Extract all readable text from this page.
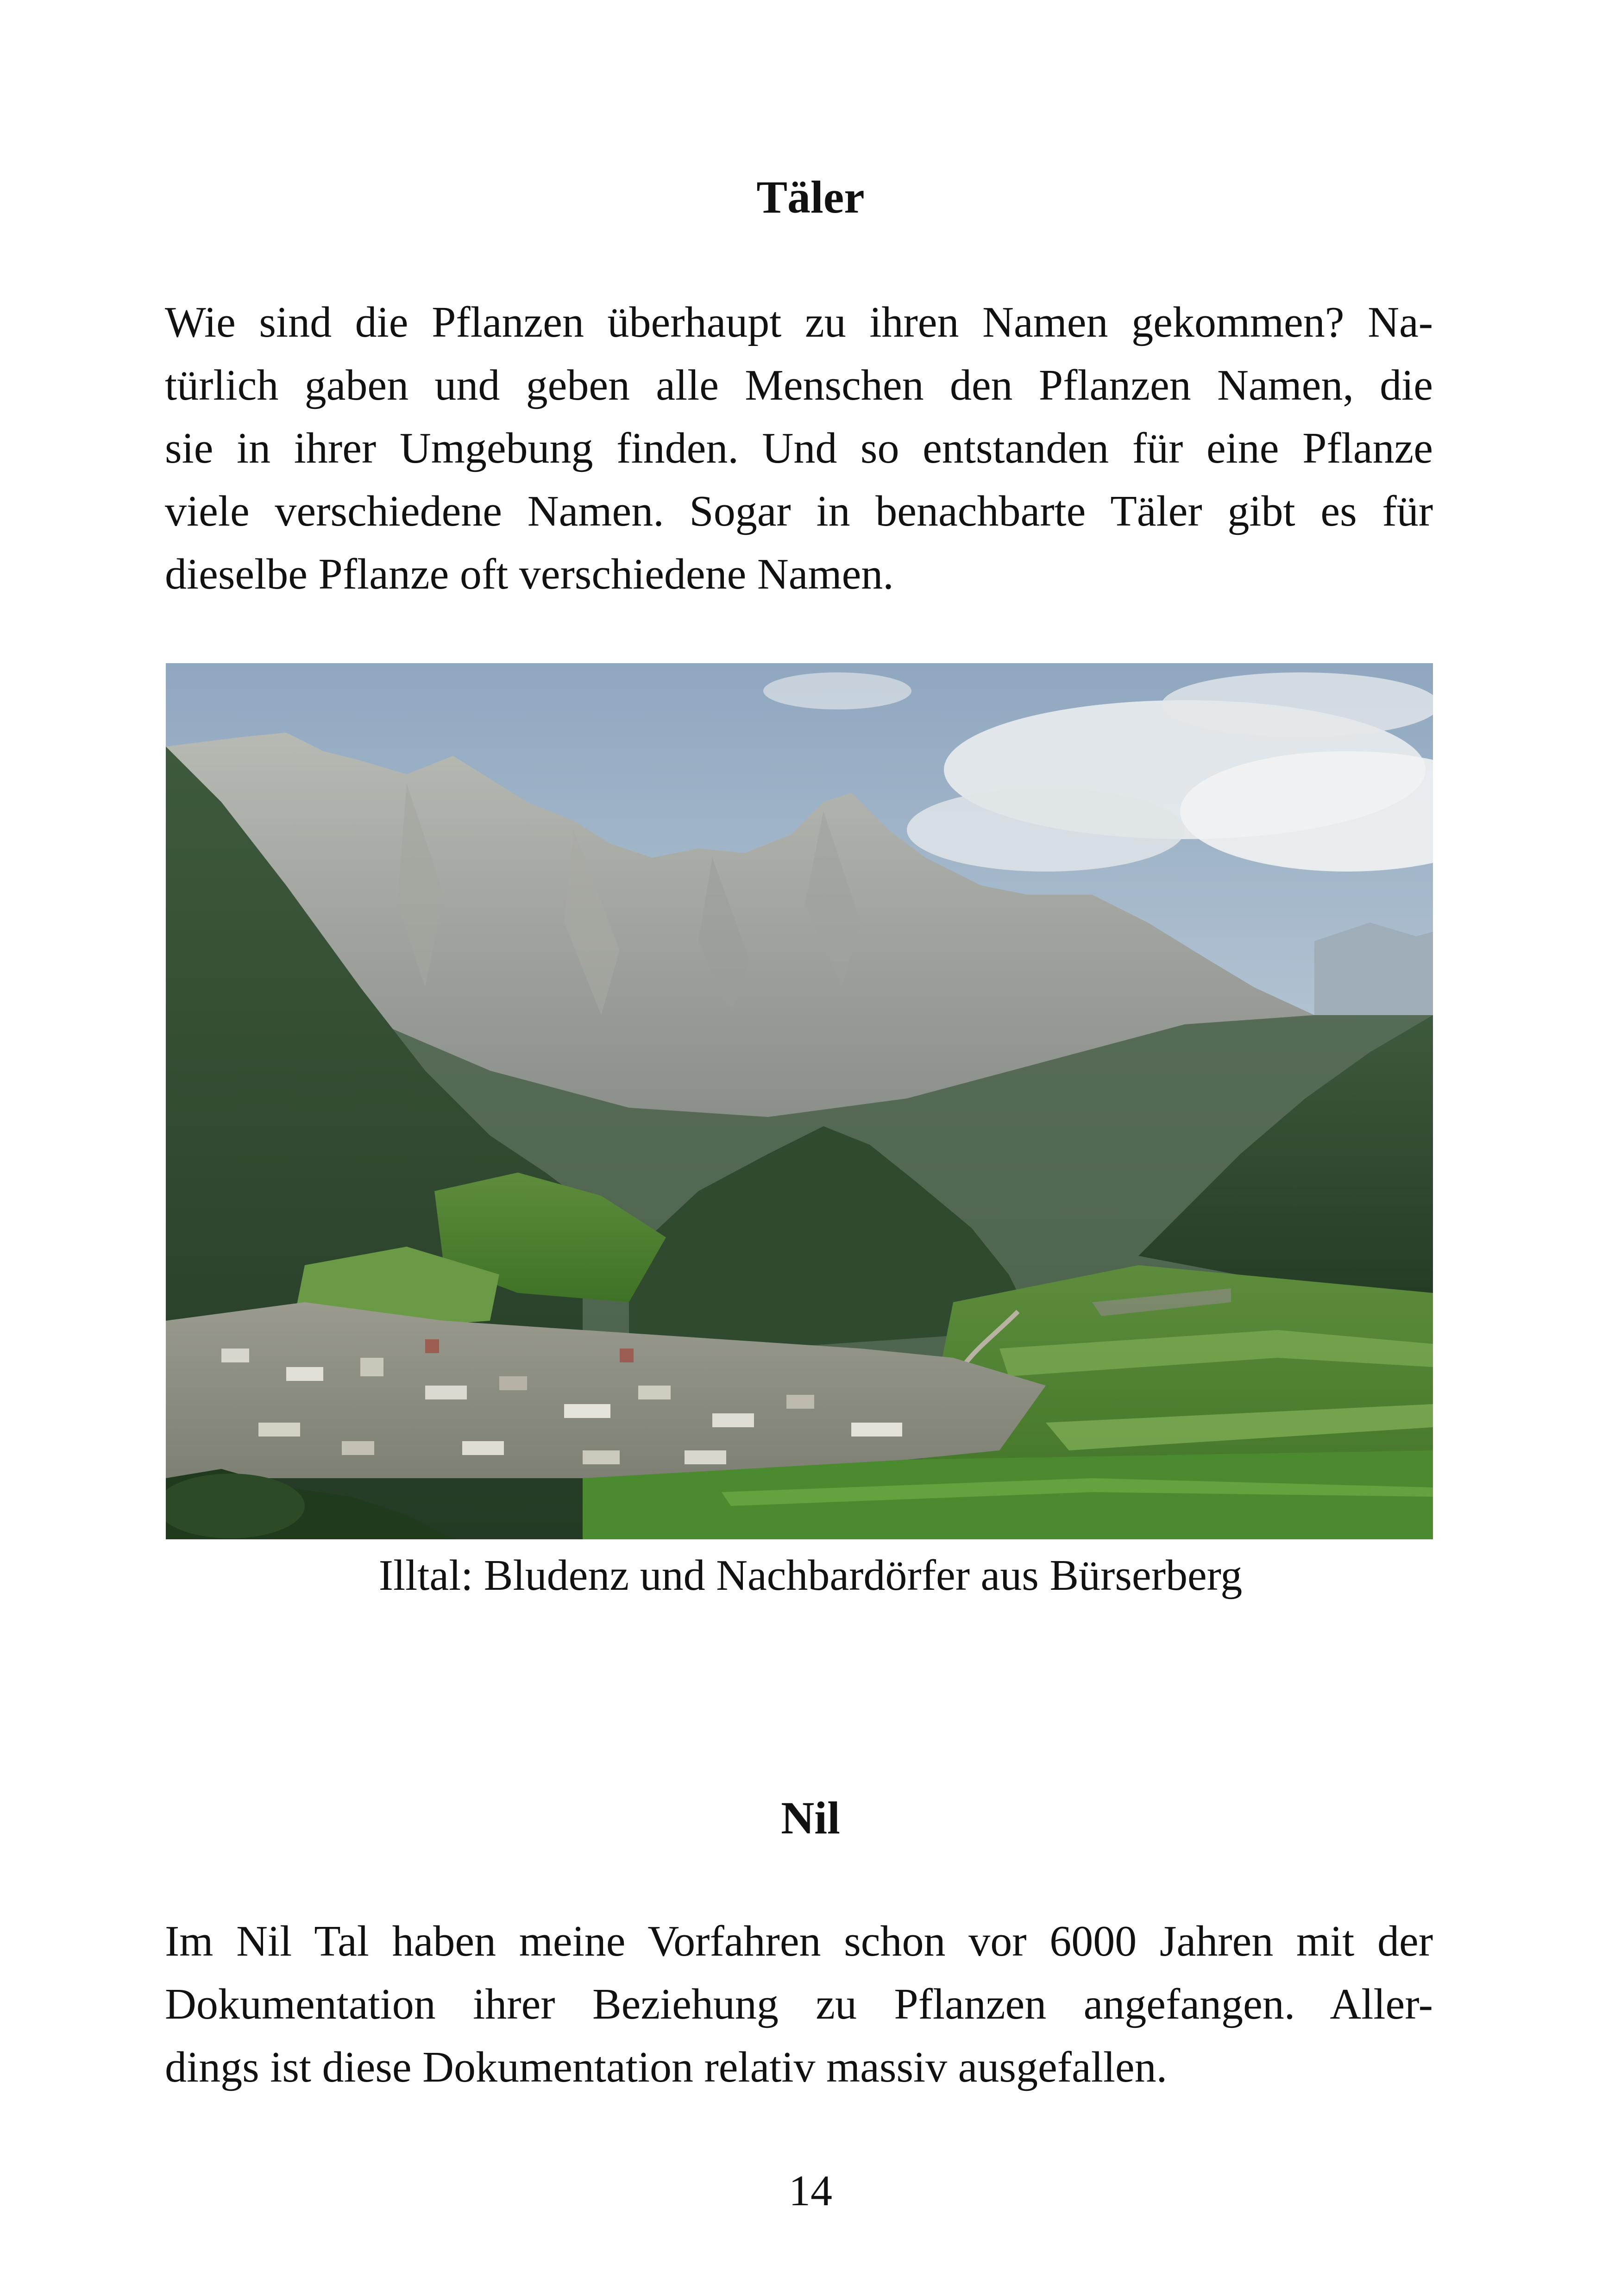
Täler

Wie sind die Pflanzen überhaupt zu ihren Namen gekommen? Na-
türlich gaben und geben alle Menschen den Pflanzen Namen, die
sie in ihrer Umgebung finden. Und so entstanden für eine Pflanze
viele verschiedene Namen. Sogar in benachbarte Täler gibt es für
dieselbe Pflanze oft verschiedene Namen.

Illtal: Bludenz und Nachbardörfer aus Bürserberg

Nil

Im Nil Tal haben meine Vorfahren schon vor 6000 Jahren mit der
Dokumentation ihrer Beziehung zu Pflanzen angefangen. Aller-
dings ist diese Dokumentation relativ massiv ausgefallen.

14
